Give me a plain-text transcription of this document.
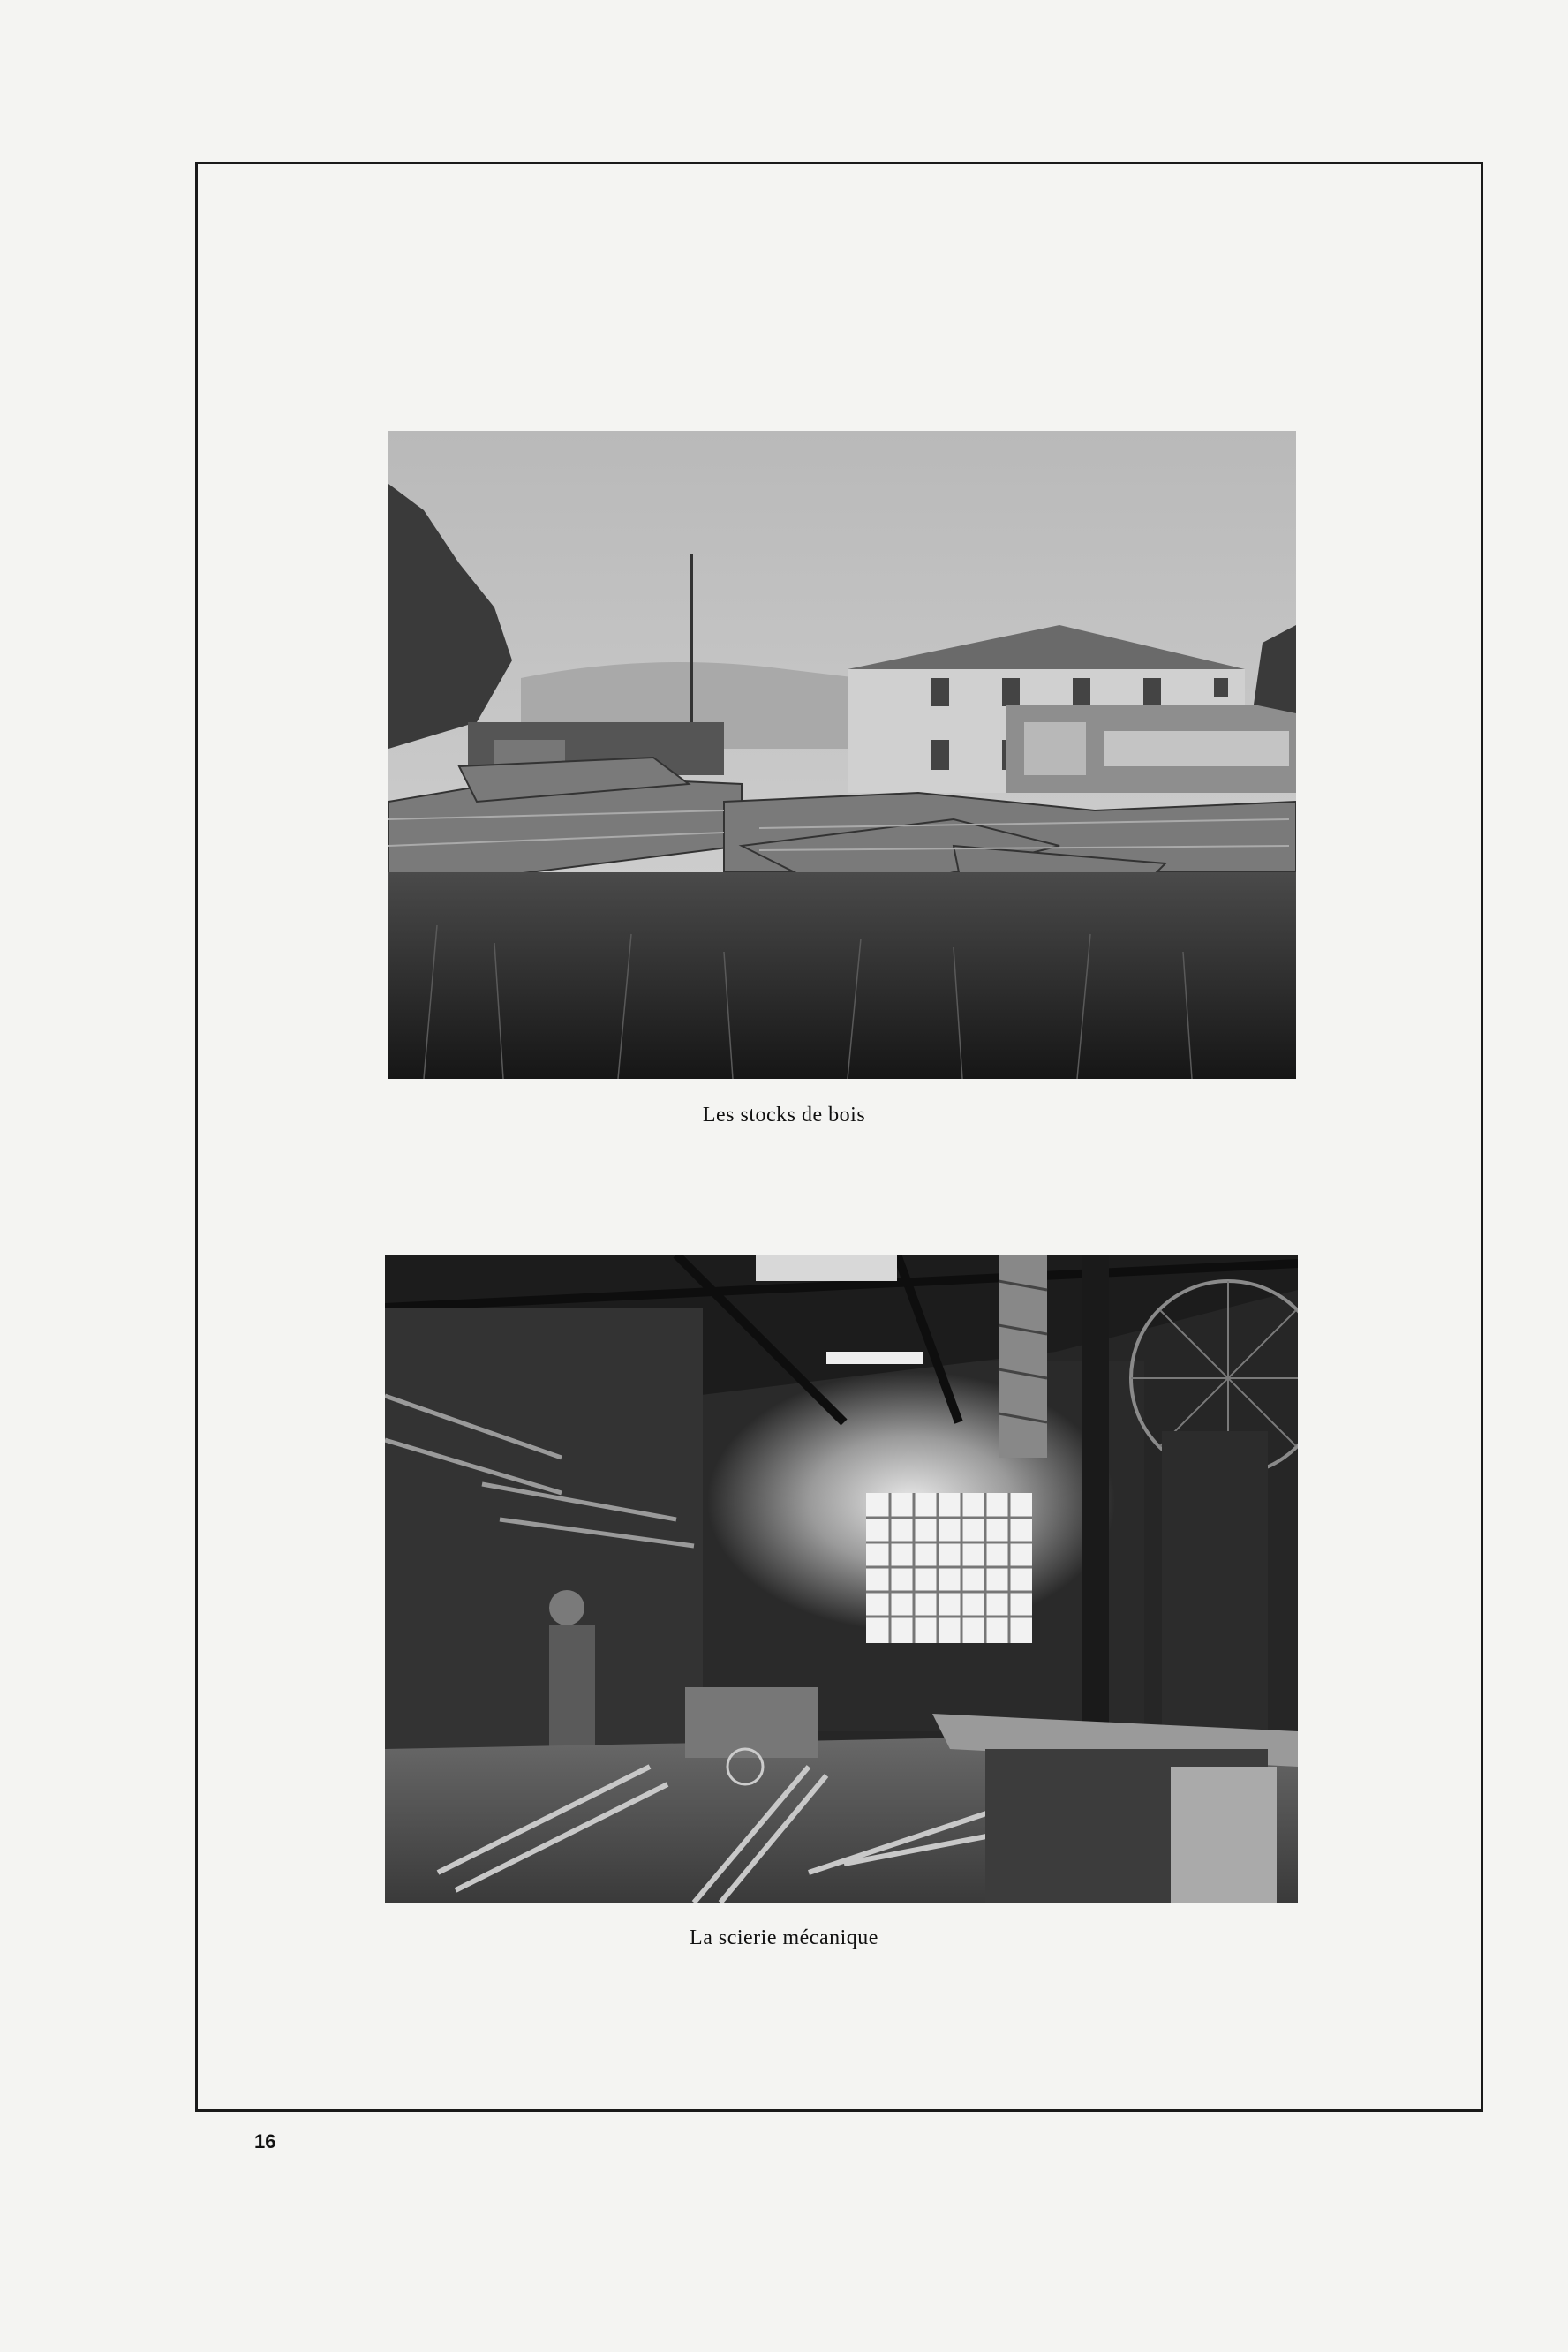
Les stocks de bois
La scierie mécanique
16
